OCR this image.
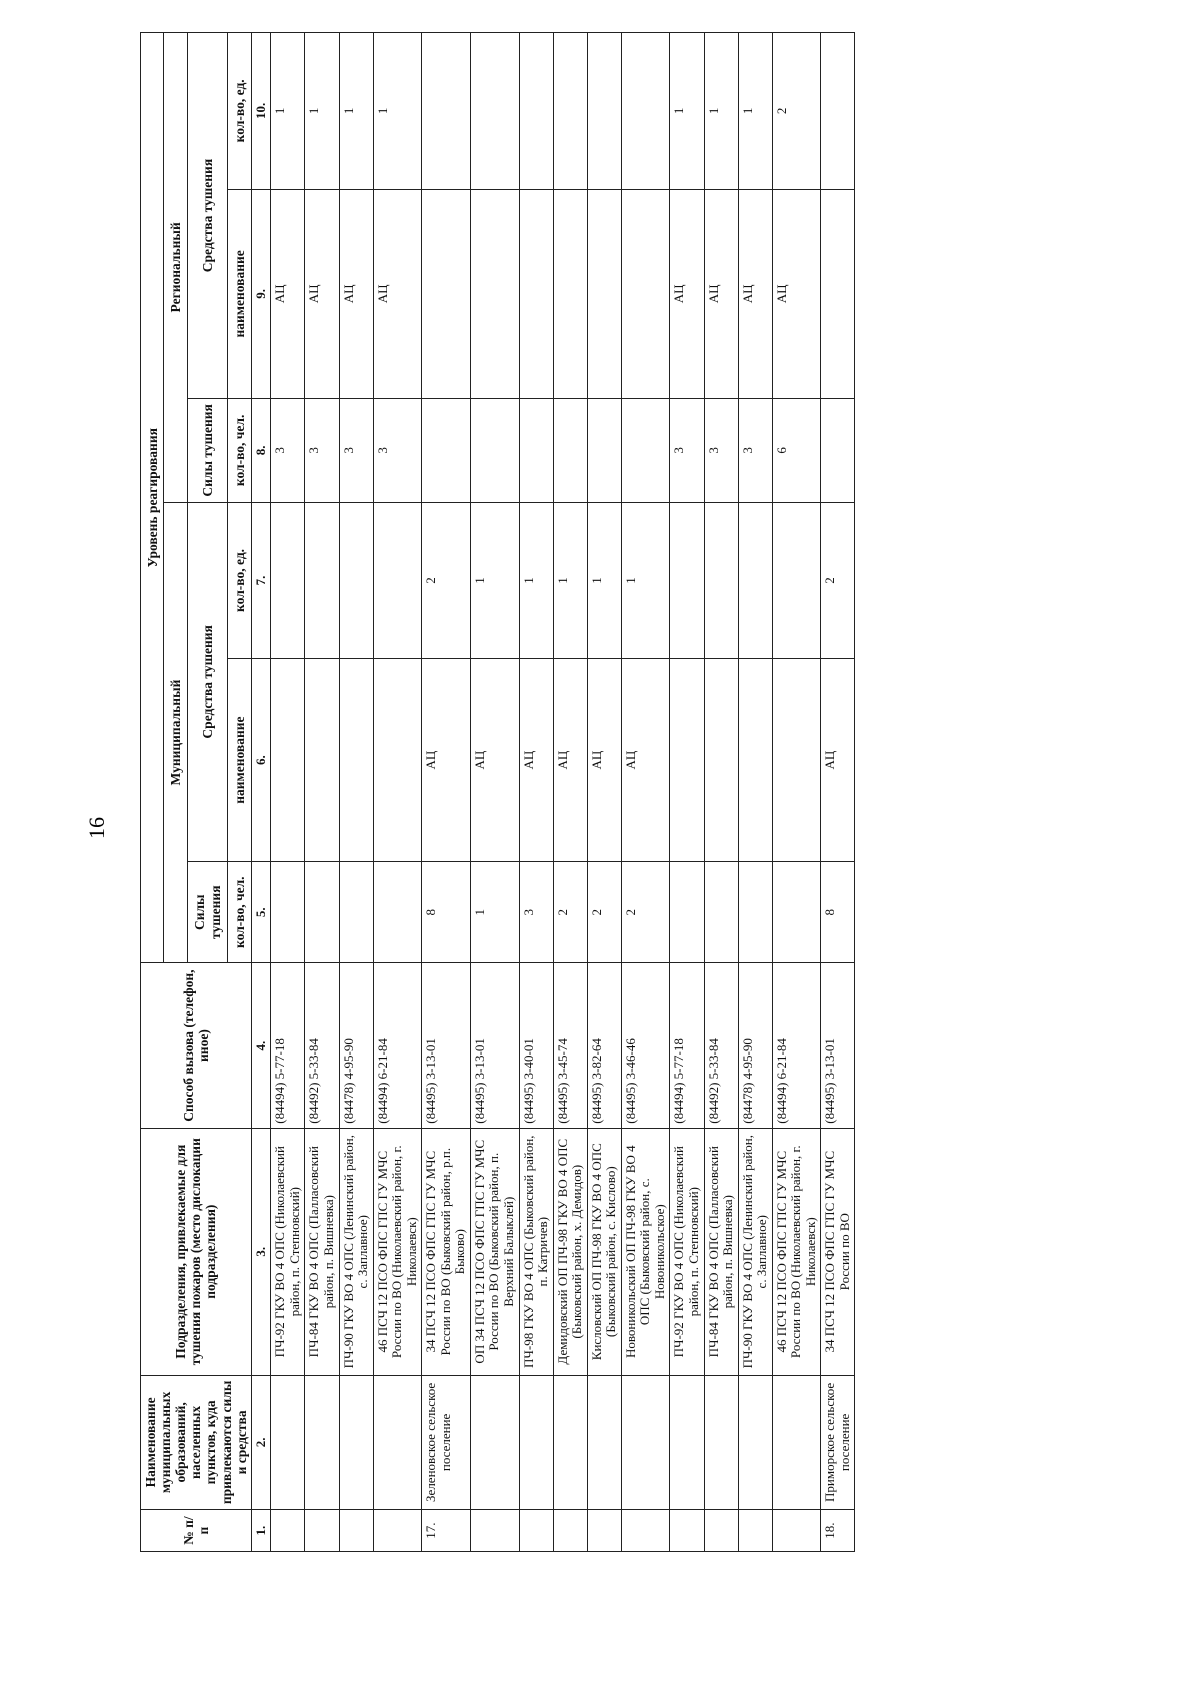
16
№ п/п	Наименование муниципальных образований, населенных пунктов, куда привлекаются силы и средства	Подразделения, привлекаемые для тушения пожаров (место дислокации подразделения)	Способ вызова (телефон, иное)	Уровень реагирования					
				Муниципальный			Региональный		
				Силы тушения	Средства тушения		Силы тушения	Средства тушения	
				кол-во, чел.	наименование	кол-во, ед.	кол-во, чел.	наименование	кол-во, ед.
1.	2.	3.	4.	5.	6.	7.	8.	9.	10.
		ПЧ-92 ГКУ ВО 4 ОПС (Николаевский район, п. Степновский)	(84494) 5-77-18				3	АЦ	1
		ПЧ-84 ГКУ ВО 4 ОПС (Палласовский район, п. Вишневка)	(84492) 5-33-84				3	АЦ	1
		ПЧ-90 ГКУ ВО 4 ОПС (Ленинский район, с. Заплавное)	(84478) 4-95-90				3	АЦ	1
		46 ПСЧ 12 ПСО ФПС ГПС ГУ МЧС России по ВО (Николаевский район, г. Николаевск)	(84494) 6-21-84				3	АЦ	1
17.	Зеленовское сельское поселение	34 ПСЧ 12 ПСО ФПС ГПС ГУ МЧС России по ВО (Быковский район, р.п. Быково)	(84495) 3-13-01	8	АЦ	2			
		ОП 34 ПСЧ 12 ПСО ФПС ГПС ГУ МЧС России по ВО (Быковский район, п. Верхний Балыклей)	(84495) 3-13-01	1	АЦ	1			
		ПЧ-98 ГКУ ВО 4 ОПС (Быковский район, п. Катричев)	(84495) 3-40-01	3	АЦ	1			
		Демидовский ОП ПЧ-98 ГКУ ВО 4 ОПС (Быковский район, х. Демидов)	(84495) 3-45-74	2	АЦ	1			
		Кисловский ОП ПЧ-98 ГКУ ВО 4 ОПС (Быковский район, с. Кислово)	(84495) 3-82-64	2	АЦ	1			
		Новоникольский ОП ПЧ-98 ГКУ ВО 4 ОПС (Быковский район, с. Новоникольское)	(84495) 3-46-46	2	АЦ	1			
		ПЧ-92 ГКУ ВО 4 ОПС (Николаевский район, п. Степновский)	(84494) 5-77-18				3	АЦ	1
		ПЧ-84 ГКУ ВО 4 ОПС (Палласовский район, п. Вишневка)	(84492) 5-33-84				3	АЦ	1
		ПЧ-90 ГКУ ВО 4 ОПС (Ленинский район, с. Заплавное)	(84478) 4-95-90				3	АЦ	1
		46 ПСЧ 12 ПСО ФПС ГПС ГУ МЧС России по ВО (Николаевский район, г. Николаевск)	(84494) 6-21-84				6	АЦ	2
18.	Приморское сельское поселение	34 ПСЧ 12 ПСО ФПС ГПС ГУ МЧС России по ВО	(84495) 3-13-01	8	АЦ	2			
